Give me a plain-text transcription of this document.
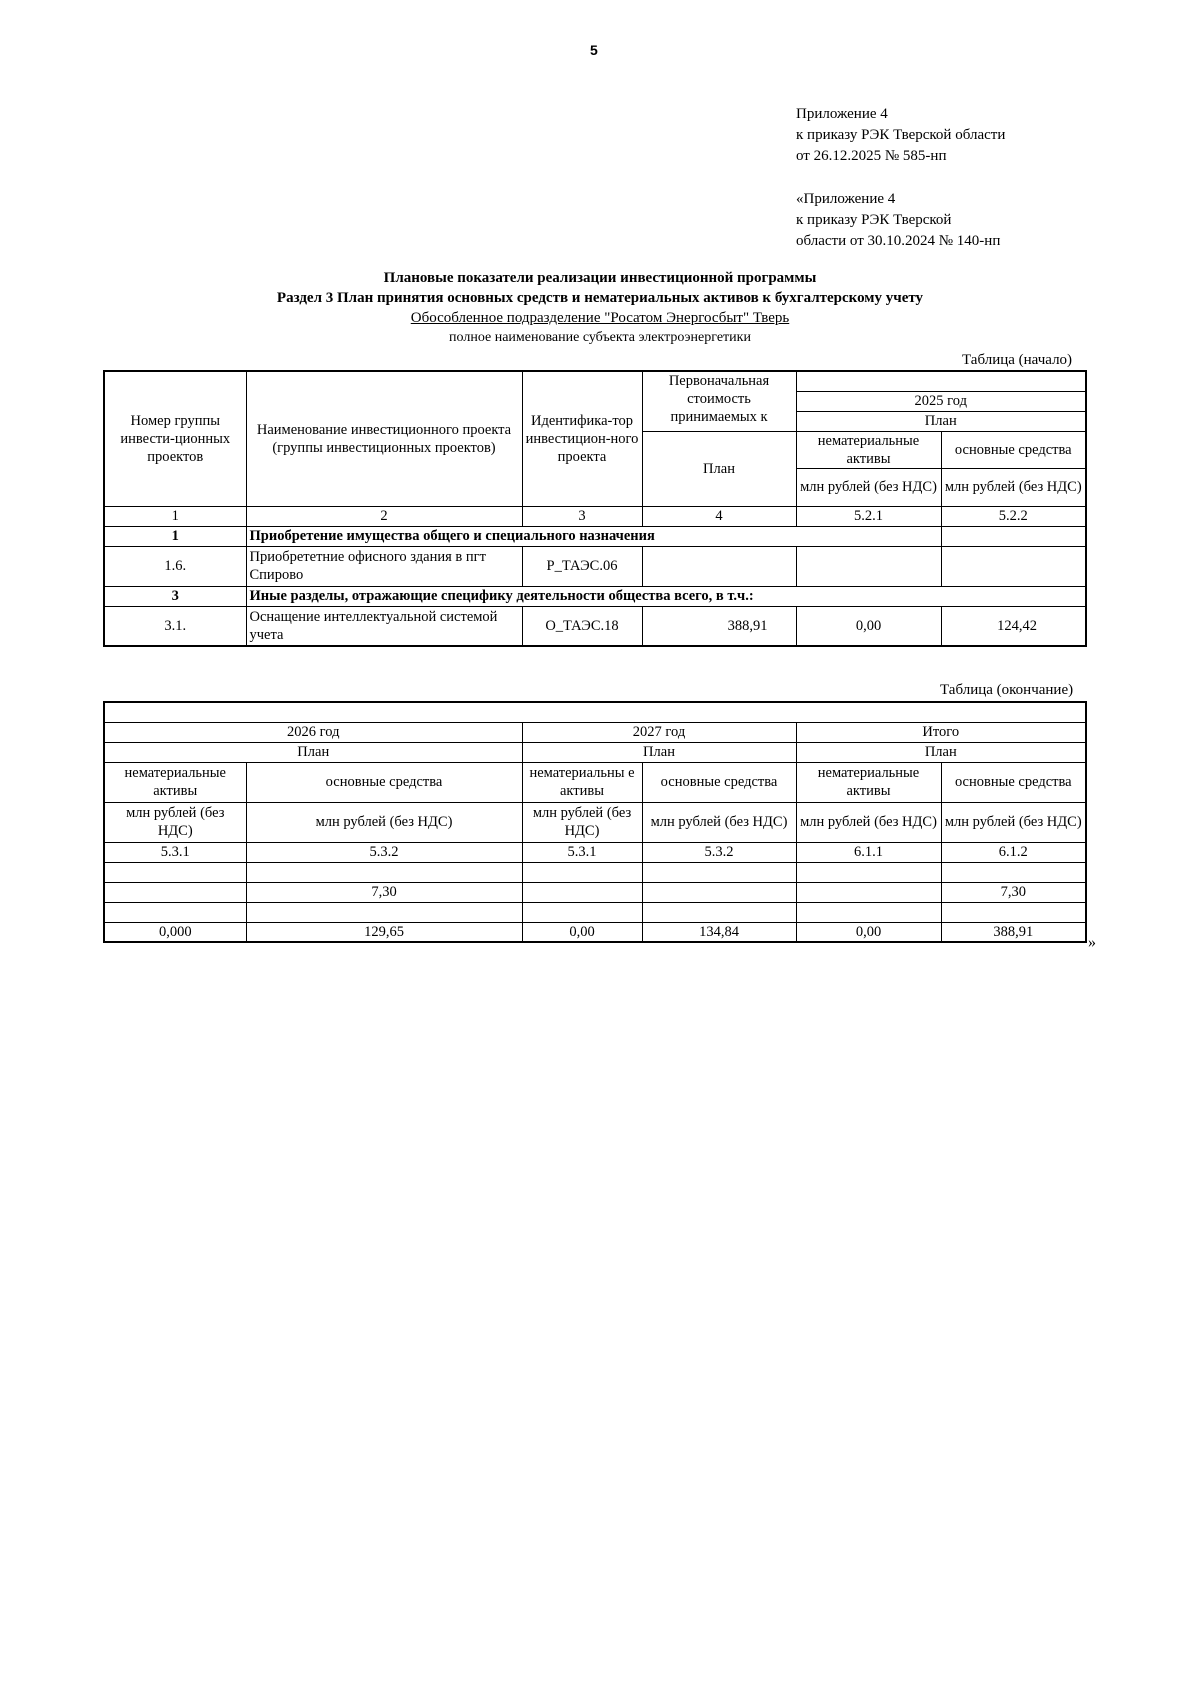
5
Приложение 4
к приказу РЭК Тверской области
от 26.12.2025 № 585-нп
«Приложение 4
к приказу РЭК Тверской
области от 30.10.2024 № 140-нп
Плановые показатели реализации инвестиционной программы
Раздел 3 План принятия основных средств и нематериальных активов к бухгалтерскому учету
Обособленное подразделение "Росатом Энергосбыт" Тверь
полное наименование субъекта электроэнергетики
Таблица (начало)
Номер группы инвести-ционных проектов	Наименование инвестиционного проекта (группы инвестиционных проектов)	Идентифика-тор инвестицион-ного проекта	Первоначальная стоимость принимаемых к		
				2025 год	
				План	
			План	нематериальные активы	основные средства
				млн рублей (без НДС)	млн рублей (без НДС)

1	2	3	4	5.2.1	5.2.2
1	Приобретение имущества общего и специального назначения				
1.6.	Приобрететние офисного здания в пгт Спирово	Р_ТАЭС.06			
3	Иные разделы, отражающие специфику деятельности общества всего, в т.ч.:				
3.1.	Оснащение интеллектуальной системой учета	О_ТАЭС.18	388,91	0,00	124,42
Таблица (окончание)

2026 год		2027 год		Итого	
План		План		План	
нематериальные активы	основные средства	нематериальны е активы	основные средства	нематериальные активы	основные средства
млн рублей (без НДС)	млн рублей (без НДС)	млн рублей (без НДС)	млн рублей (без НДС)	млн рублей (без НДС)	млн рублей (без НДС)
5.3.1	5.3.2	5.3.1	5.3.2	6.1.1	6.1.2

	7,30				7,30

0,000	129,65	0,00	134,84	0,00	388,91
»
